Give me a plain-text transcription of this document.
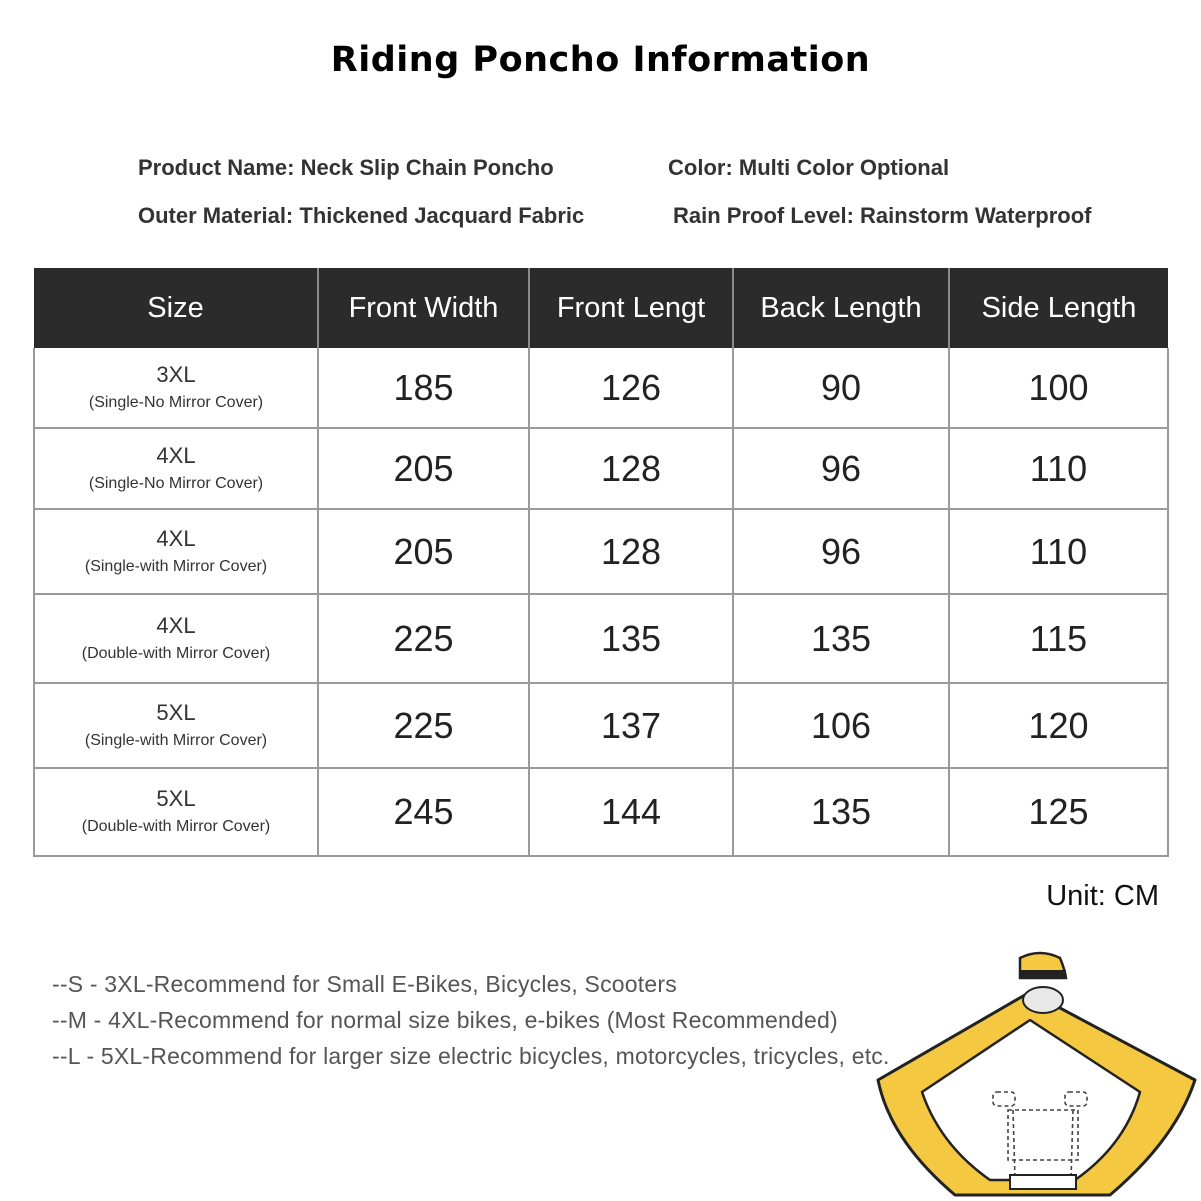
Riding Poncho Information
Product Name: Neck Slip Chain Poncho	Color: Multi Color Optional
Outer Material: Thickened Jacquard Fabric	Rain Proof Level: Rainstorm Waterproof
Size	Front Width	Front Lengt	Back Length	Side Length

3XL
(Single-No Mirror Cover)	185	126	90	100

4XL
(Single-No Mirror Cover)	205	128	96	110

4XL
(Single-with Mirror Cover)	205	128	96	110

4XL
(Double-with Mirror Cover)	225	135	135	115

5XL
(Single-with Mirror Cover)	225	137	106	120

5XL
(Double-with Mirror Cover)	245	144	135	125
Unit: CM
--S - 3XL-Recommend for Small E-Bikes, Bicycles, Scooters
--M - 4XL-Recommend for normal size bikes, e-bikes (Most Recommended)
--L - 5XL-Recommend for larger size electric bicycles, motorcycles, tricycles, etc.
